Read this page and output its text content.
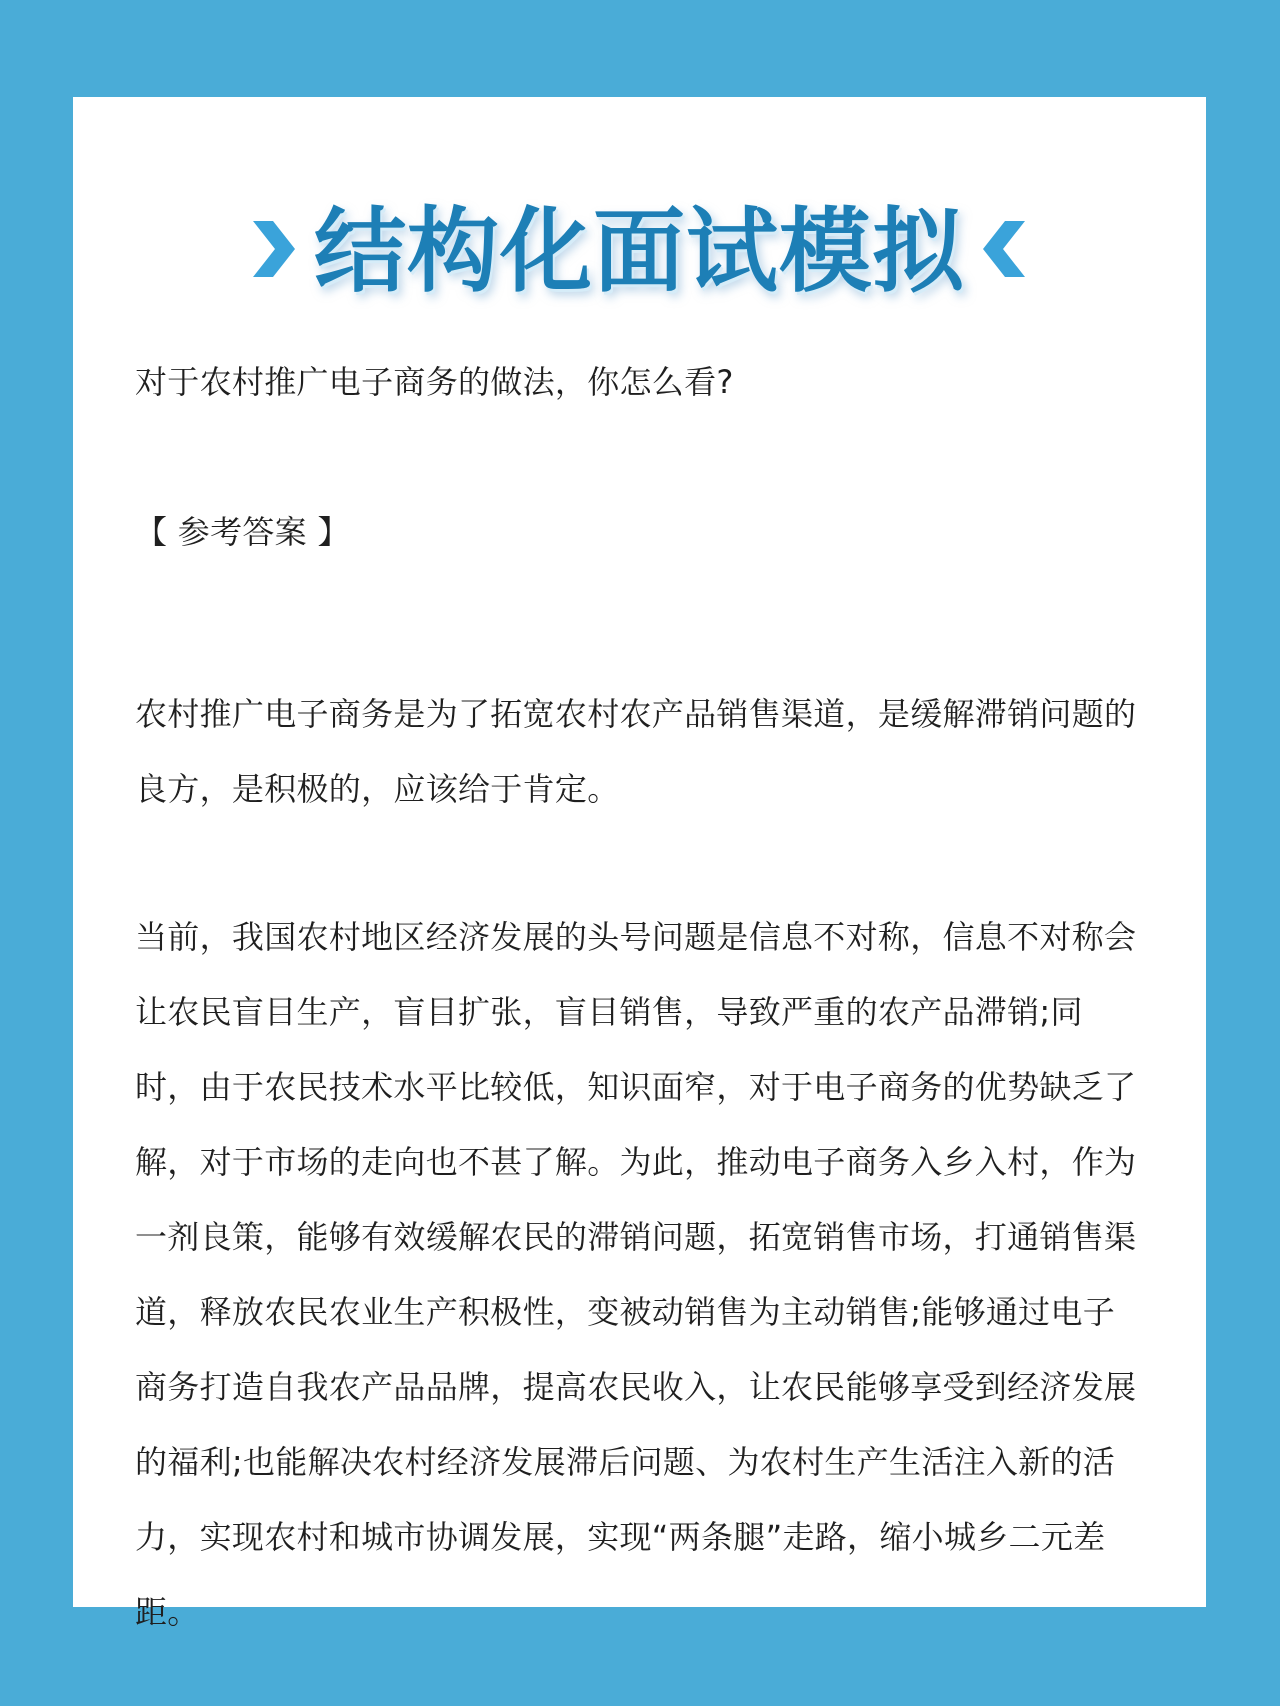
结构化面试模拟
对于农村推广电子商务的做法，你怎么看?
【 参考答案 】
农村推广电子商务是为了拓宽农村农产品销售渠道，是缓解滞销问题的良方，是积极的，应该给于肯定。
当前，我国农村地区经济发展的头号问题是信息不对称，信息不对称会让农民盲目生产，盲目扩张，盲目销售，导致严重的农产品滞销;同时，由于农民技术水平比较低，知识面窄，对于电子商务的优势缺乏了解，对于市场的走向也不甚了解。为此，推动电子商务入乡入村，作为一剂良策，能够有效缓解农民的滞销问题，拓宽销售市场，打通销售渠道，释放农民农业生产积极性，变被动销售为主动销售;能够通过电子商务打造自我农产品品牌，提高农民收入，让农民能够享受到经济发展的福利;也能解决农村经济发展滞后问题、为农村生产生活注入新的活力，实现农村和城市协调发展，实现“两条腿”走路，缩小城乡二元差距。
